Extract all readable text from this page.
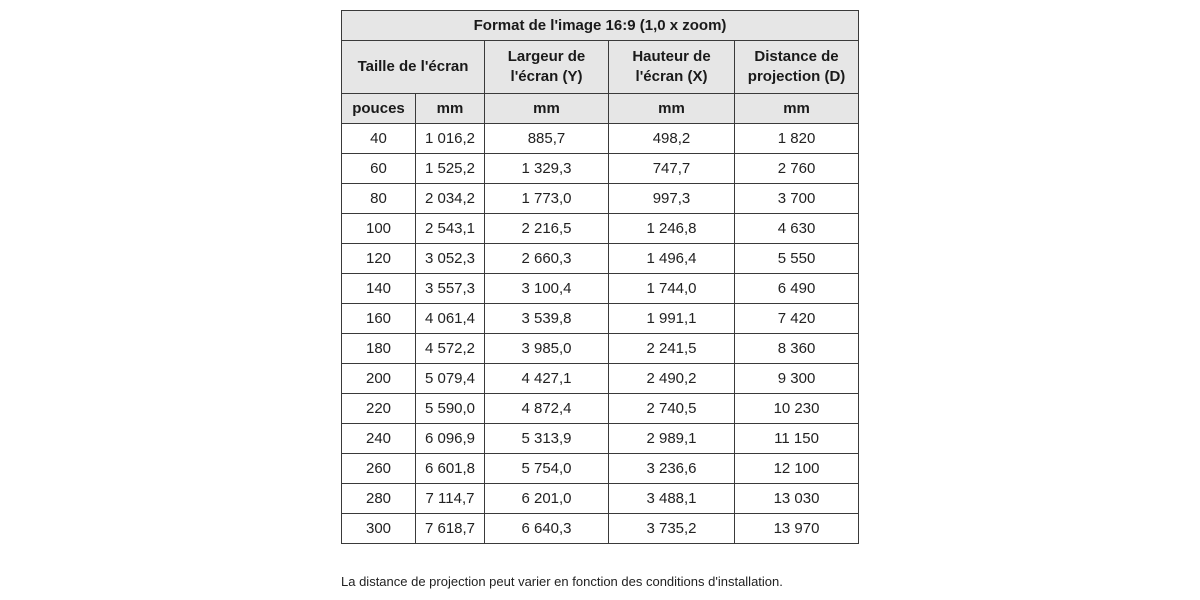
Format de l'image 16:9 (1,0 x zoom)				
Taille de l'écran		Largeur de l'écran (Y)	Hauteur de l'écran (X)	Distance de projection (D)
pouces	mm	mm	mm	mm
40	1 016,2	885,7	498,2	1 820
60	1 525,2	1 329,3	747,7	2 760
80	2 034,2	1 773,0	997,3	3 700
100	2 543,1	2 216,5	1 246,8	4 630
120	3 052,3	2 660,3	1 496,4	5 550
140	3 557,3	3 100,4	1 744,0	6 490
160	4 061,4	3 539,8	1 991,1	7 420
180	4 572,2	3 985,0	2 241,5	8 360
200	5 079,4	4 427,1	2 490,2	9 300
220	5 590,0	4 872,4	2 740,5	10 230
240	6 096,9	5 313,9	2 989,1	11 150
260	6 601,8	5 754,0	3 236,6	12 100
280	7 114,7	6 201,0	3 488,1	13 030
300	7 618,7	6 640,3	3 735,2	13 970
La distance de projection peut varier en fonction des conditions d'installation.
